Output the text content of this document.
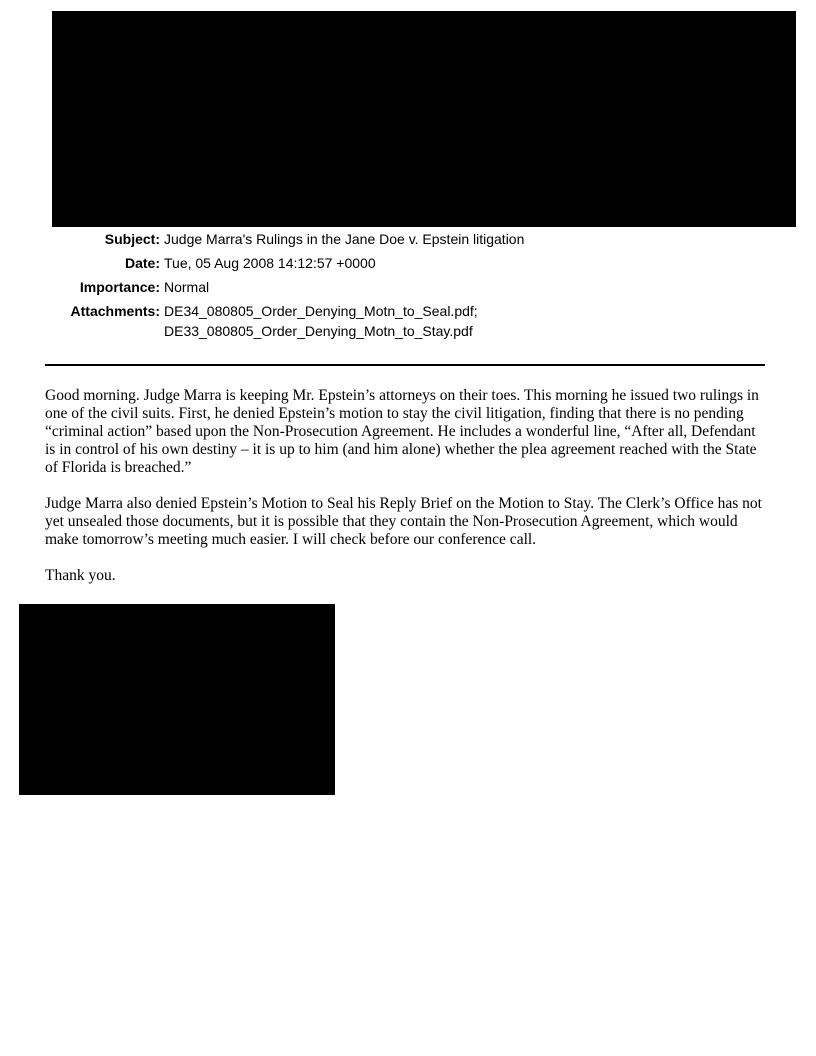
Subject: Judge Marra's Rulings in the Jane Doe v. Epstein litigation
Date: Tue, 05 Aug 2008 14:12:57 +0000
Importance: Normal
Attachments: DE34_080805_Order_Denying_Motn_to_Seal.pdf;
DE33_080805_Order_Denying_Motn_to_Stay.pdf

Good morning. Judge Marra is keeping Mr. Epstein’s attorneys on their toes. This morning he issued two rulings in one of the civil suits. First, he denied Epstein’s motion to stay the civil litigation, finding that there is no pending “criminal action” based upon the Non-Prosecution Agreement. He includes a wonderful line, “After all, Defendant is in control of his own destiny – it is up to him (and him alone) whether the plea agreement reached with the State of Florida is breached.”

Judge Marra also denied Epstein’s Motion to Seal his Reply Brief on the Motion to Stay. The Clerk’s Office has not yet unsealed those documents, but it is possible that they contain the Non-Prosecution Agreement, which would make tomorrow’s meeting much easier. I will check before our conference call.

Thank you.
